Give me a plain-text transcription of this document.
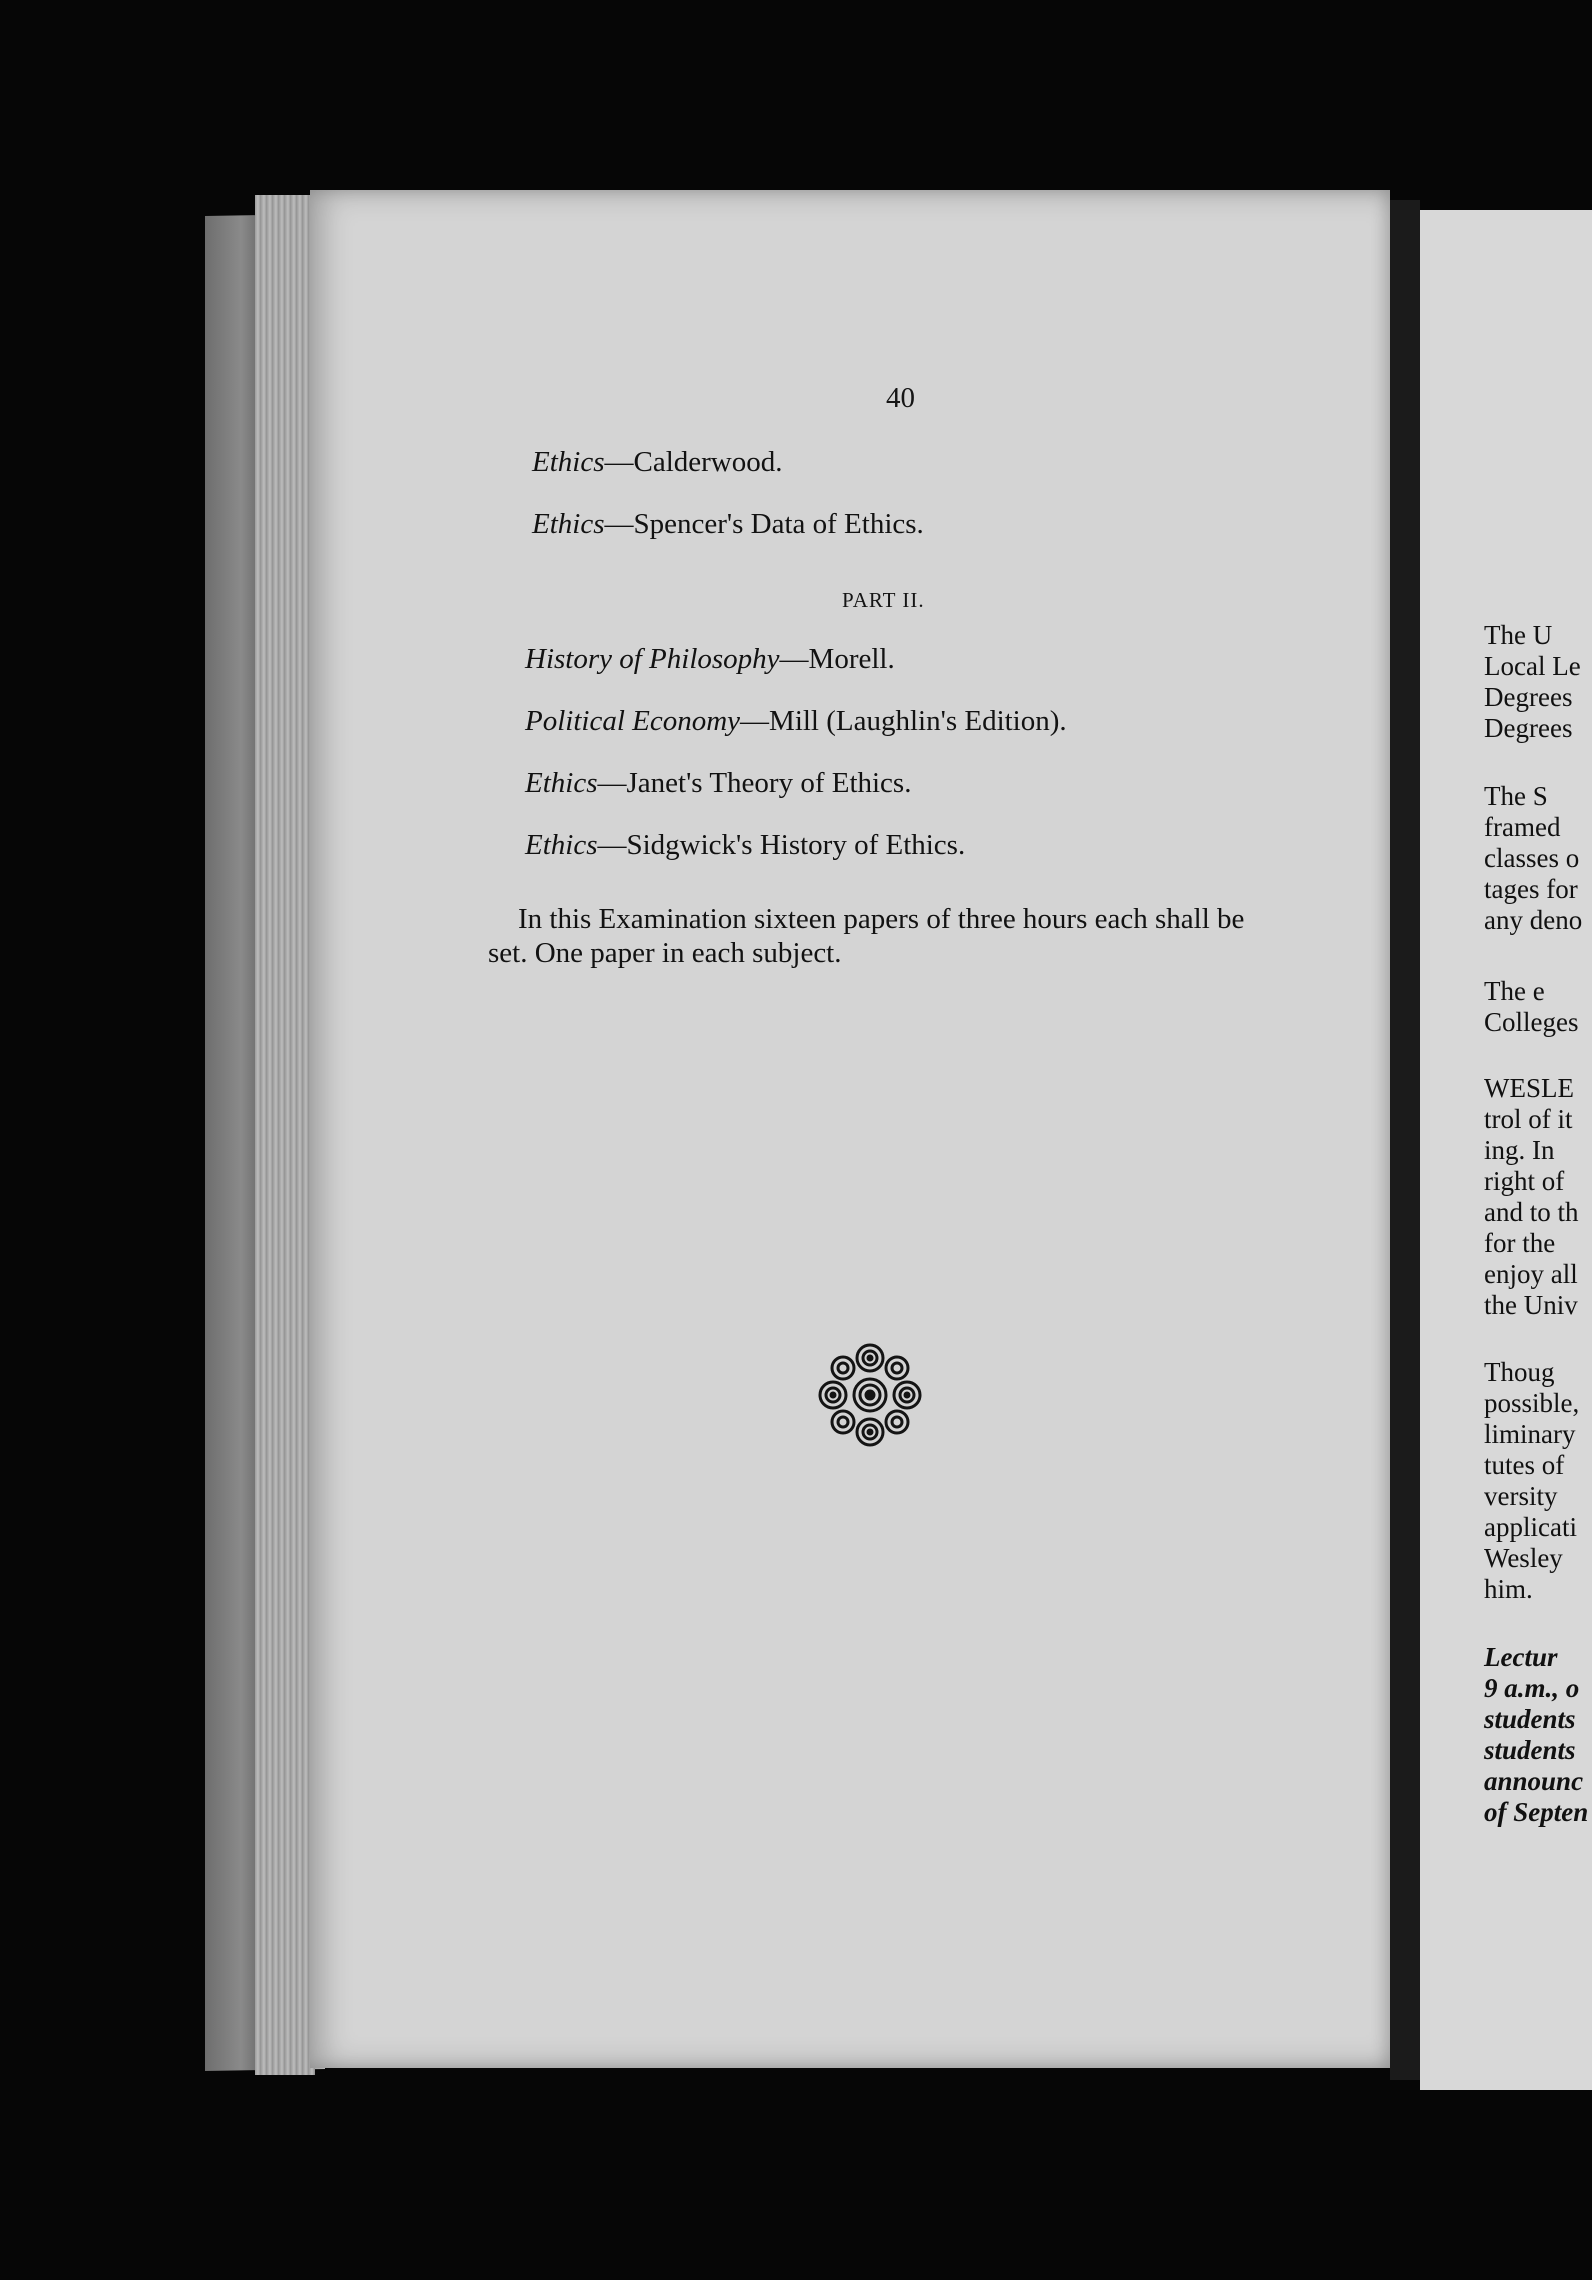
40
Ethics—Calderwood.
Ethics—Spencer's Data of Ethics.
PART II.
History of Philosophy—Morell.
Political Economy—Mill (Laughlin's Edition).
Ethics—Janet's Theory of Ethics.
Ethics—Sidgwick's History of Ethics.
In this Examination sixteen papers of three hours each shall be set. One paper in each subject.
The U
Local Le
Degrees
Degrees
The S
framed
classes o
tages for
any deno
The e
Colleges
WESLE
trol of it
ing. In
right of
and to th
for the
enjoy all
the Univ
Thoug
possible,
liminary
tutes of
versity
applicati
Wesley
him.
Lectur
9 a.m., o
students
students
announc
of Septen
